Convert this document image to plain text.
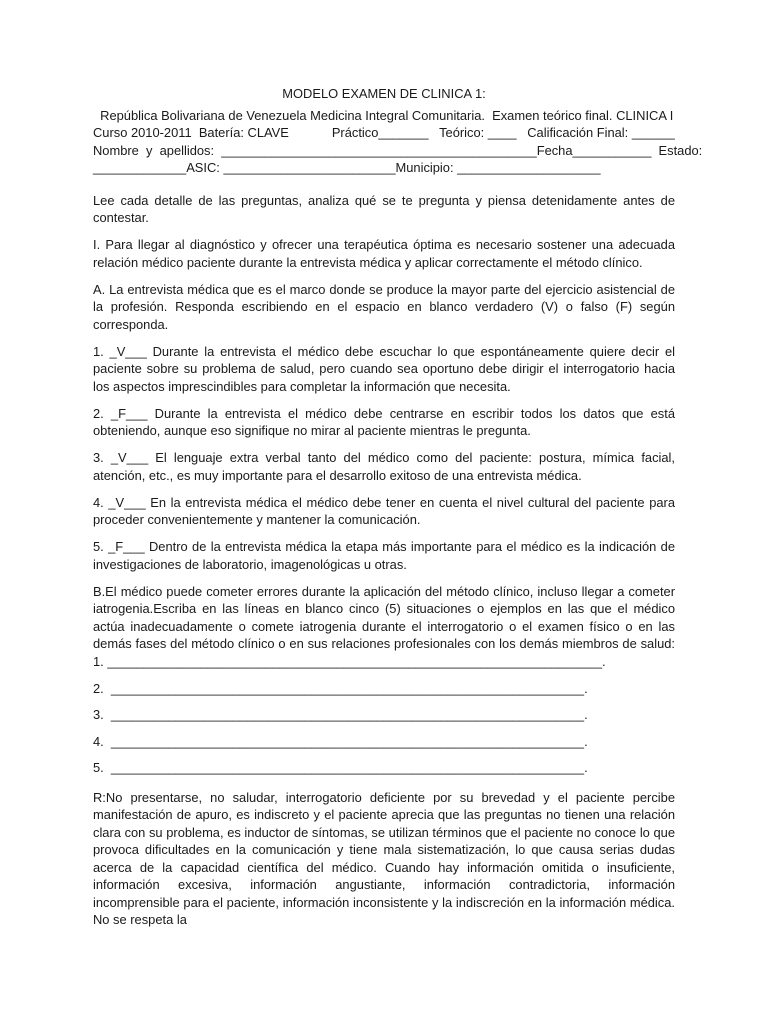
MODELO EXAMEN DE CLINICA 1:
República Bolivariana de Venezuela Medicina Integral Comunitaria.  Examen teórico final. CLINICA I
Curso 2010-2011  Batería: CLAVE            Práctico_______   Teórico: ____   Calificación Final: ______
Nombre  y  apellidos:  ____________________________________________Fecha___________  Estado:
_____________ASIC: ________________________Municipio: ____________________

Lee cada detalle de las preguntas, analiza qué se te pregunta y piensa detenidamente antes de contestar.

I. Para llegar al diagnóstico y ofrecer una terapéutica óptima es necesario sostener una adecuada relación médico paciente durante la entrevista médica y aplicar correctamente el método clínico.

A. La entrevista médica que es el marco donde se produce la mayor parte del ejercicio asistencial de la profesión. Responda escribiendo en el espacio en blanco verdadero (V) o falso (F) según corresponda.

1. _V___ Durante la entrevista el médico debe escuchar lo que espontáneamente quiere decir el paciente sobre su problema de salud, pero cuando sea oportuno debe dirigir el interrogatorio hacia los aspectos imprescindibles para completar la información que necesita.

2. _F___ Durante la entrevista el médico debe centrarse en escribir todos los datos que está obteniendo, aunque eso signifique no mirar al paciente mientras le pregunta.

3. _V___ El lenguaje extra verbal tanto del médico como del paciente: postura, mímica facial, atención, etc., es muy importante para el desarrollo exitoso de una entrevista médica.

4. _V___ En la entrevista médica el médico debe tener en cuenta el nivel cultural del paciente para proceder convenientemente y mantener la comunicación.

5. _F___ Dentro de la entrevista médica la etapa más importante para el médico es la indicación de investigaciones de laboratorio, imagenológicas u otras.

B.El médico puede cometer errores durante la aplicación del método clínico, incluso llegar a cometer iatrogenia.Escriba en las líneas en blanco cinco (5) situaciones o ejemplos en las que el médico actúa inadecuadamente o comete iatrogenia durante el interrogatorio o el examen físico o en las demás fases del método clínico o en sus relaciones profesionales con los demás miembros de salud: 1. _____________________________________________________________________.

2.  __________________________________________________________________.
3.  __________________________________________________________________.
4.  __________________________________________________________________.
5.  __________________________________________________________________.

R:No presentarse, no saludar, interrogatorio deficiente por su brevedad y el paciente percibe manifestación de apuro, es indiscreto y el paciente aprecia que las preguntas no tienen una relación clara con su problema, es inductor de síntomas, se utilizan términos que el paciente no conoce lo que provoca dificultades en la comunicación y tiene mala sistematización, lo que causa serias dudas acerca de la capacidad científica del médico. Cuando hay información omitida o insuficiente, información excesiva, información angustiante, información contradictoria, información incomprensible para el paciente, información inconsistente y la indiscreción en la información médica. No se respeta la
